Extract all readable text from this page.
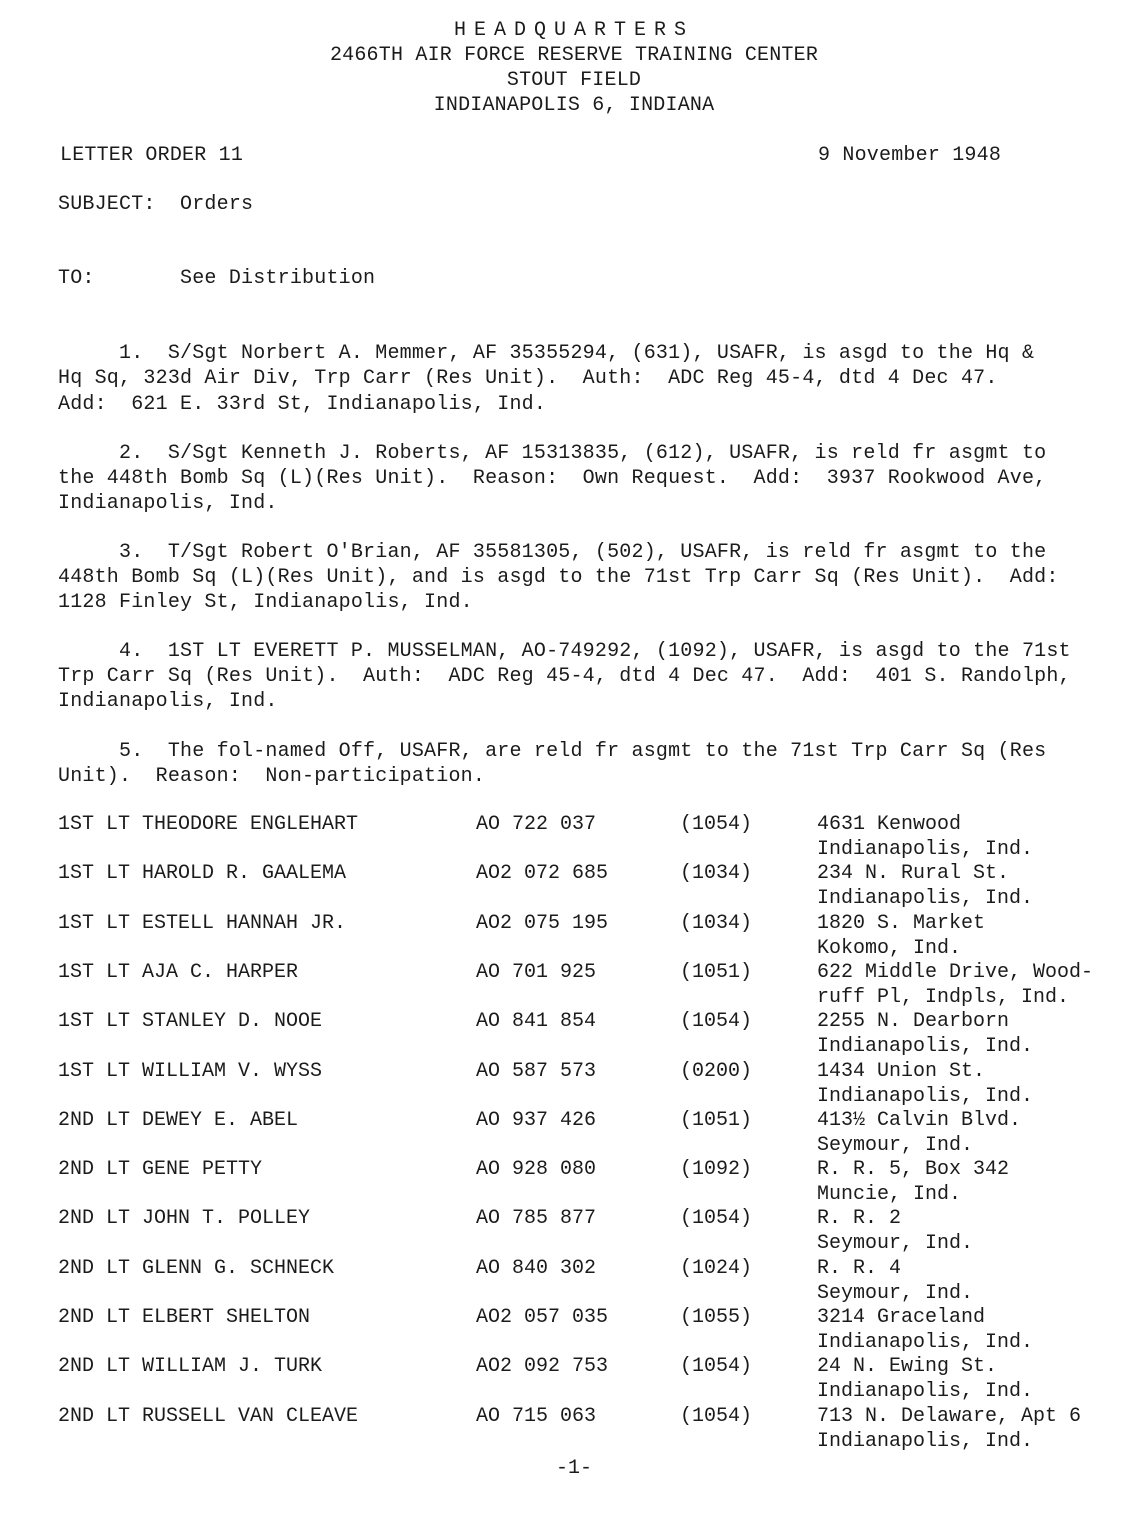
HEADQUARTERS
2466TH AIR FORCE RESERVE TRAINING CENTER
STOUT FIELD
INDIANAPOLIS 6, INDIANA
LETTER ORDER 11	9 November 1948
SUBJECT:  Orders
TO:       See Distribution
1.  S/Sgt Norbert A. Memmer, AF 35355294, (631), USAFR, is asgd to the Hq &
Hq Sq, 323d Air Div, Trp Carr (Res Unit).  Auth:  ADC Reg 45-4, dtd 4 Dec 47.
Add:  621 E. 33rd St, Indianapolis, Ind.
2.  S/Sgt Kenneth J. Roberts, AF 15313835, (612), USAFR, is reld fr asgmt to
the 448th Bomb Sq (L)(Res Unit).  Reason:  Own Request.  Add:  3937 Rookwood Ave,
Indianapolis, Ind.
3.  T/Sgt Robert O'Brian, AF 35581305, (502), USAFR, is reld fr asgmt to the
448th Bomb Sq (L)(Res Unit), and is asgd to the 71st Trp Carr Sq (Res Unit).  Add:
1128 Finley St, Indianapolis, Ind.
4.  1ST LT EVERETT P. MUSSELMAN, AO-749292, (1092), USAFR, is asgd to the 71st
Trp Carr Sq (Res Unit).  Auth:  ADC Reg 45-4, dtd 4 Dec 47.  Add:  401 S. Randolph,
Indianapolis, Ind.
5.  The fol-named Off, USAFR, are reld fr asgmt to the 71st Trp Carr Sq (Res
Unit).  Reason:  Non-participation.
1ST LT THEODORE ENGLEHART	AO 722 037	(1054)	4631 Kenwood
Indianapolis, Ind.
1ST LT HAROLD R. GAALEMA	AO2 072 685	(1034)	234 N. Rural St.
Indianapolis, Ind.
1ST LT ESTELL HANNAH JR.	AO2 075 195	(1034)	1820 S. Market
Kokomo, Ind.
1ST LT AJA C. HARPER	AO 701 925	(1051)	622 Middle Drive, Wood-
ruff Pl, Indpls, Ind.
1ST LT STANLEY D. NOOE	AO 841 854	(1054)	2255 N. Dearborn
Indianapolis, Ind.
1ST LT WILLIAM V. WYSS	AO 587 573	(0200)	1434 Union St.
Indianapolis, Ind.
2ND LT DEWEY E. ABEL	AO 937 426	(1051)	413½ Calvin Blvd.
Seymour, Ind.
2ND LT GENE PETTY	AO 928 080	(1092)	R. R. 5, Box 342
Muncie, Ind.
2ND LT JOHN T. POLLEY	AO 785 877	(1054)	R. R. 2
Seymour, Ind.
2ND LT GLENN G. SCHNECK	AO 840 302	(1024)	R. R. 4
Seymour, Ind.
2ND LT ELBERT SHELTON	AO2 057 035	(1055)	3214 Graceland
Indianapolis, Ind.
2ND LT WILLIAM J. TURK	AO2 092 753	(1054)	24 N. Ewing St.
Indianapolis, Ind.
2ND LT RUSSELL VAN CLEAVE	AO 715 063	(1054)	713 N. Delaware, Apt 6
Indianapolis, Ind.
-1-
